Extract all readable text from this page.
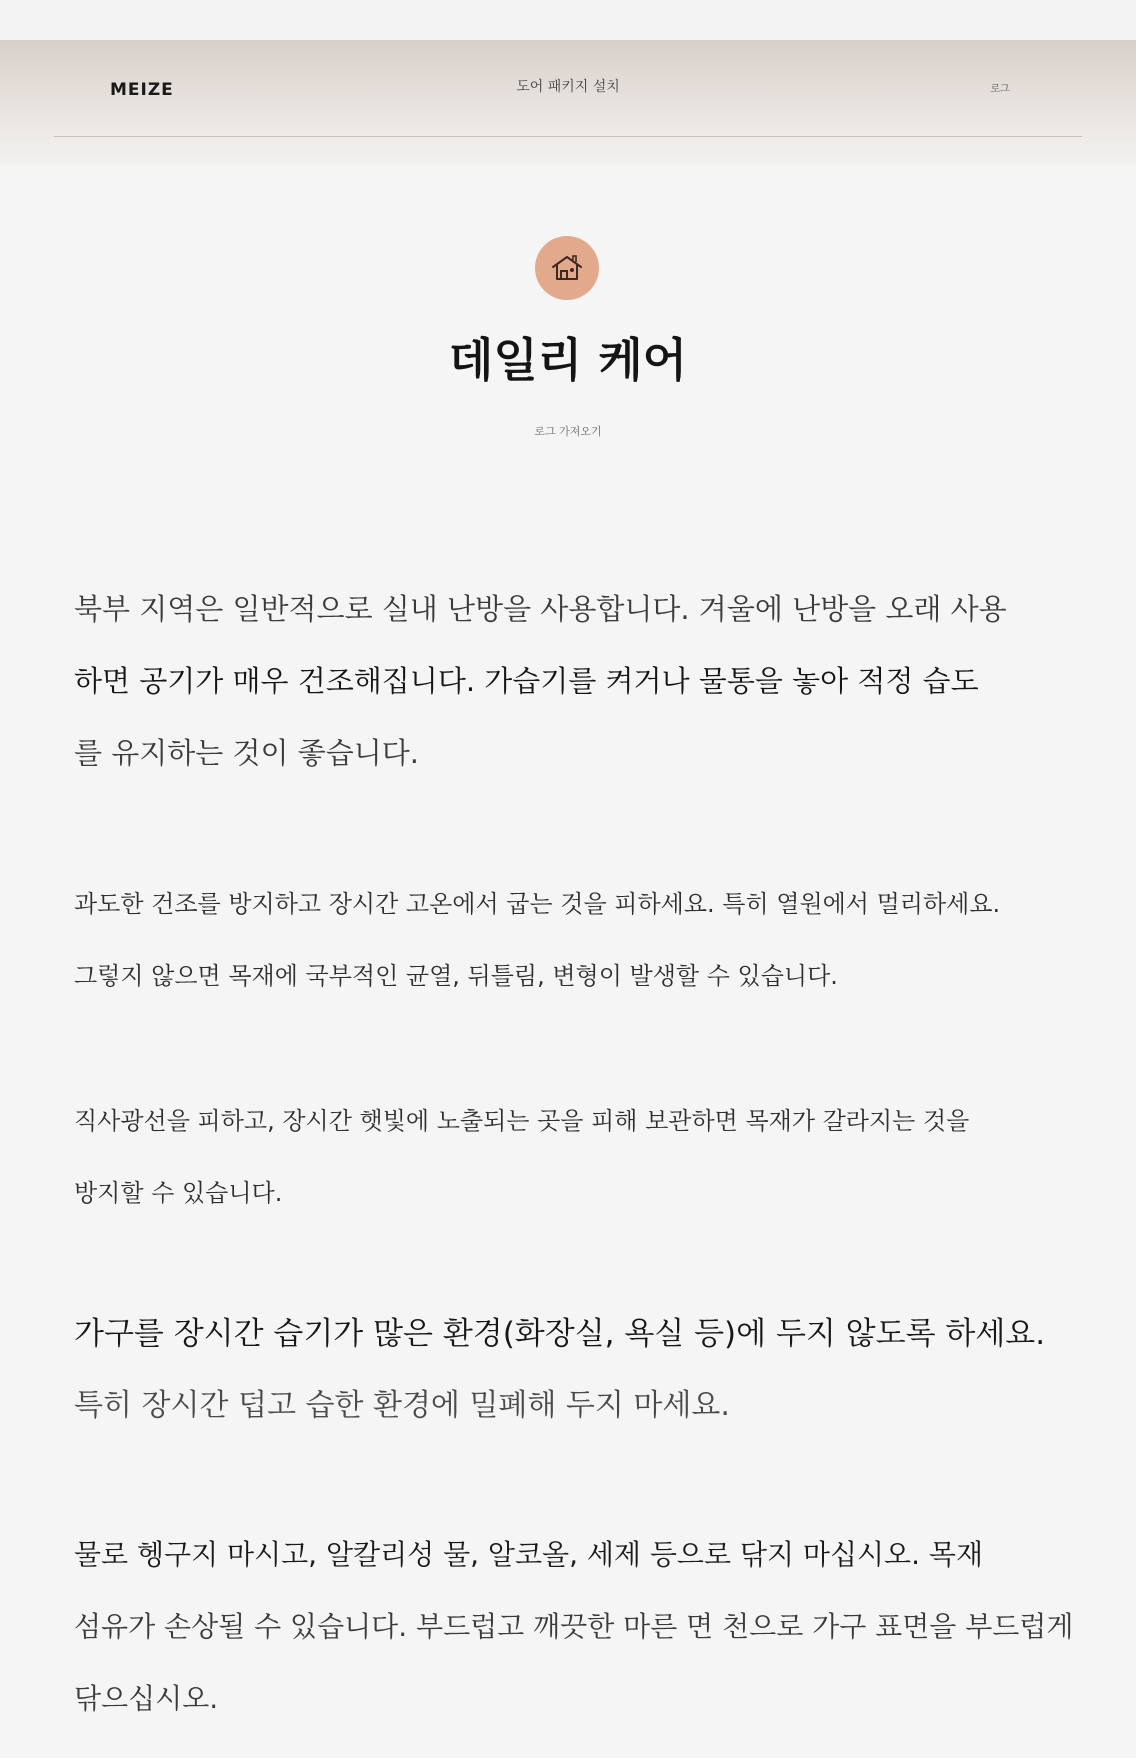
MEIZE	도어 패키지 설치	로그
데일리 케어
로그 가져오기

북부 지역은 일반적으로 실내 난방을 사용합니다. 겨울에 난방을 오래 사용
하면 공기가 매우 건조해집니다. 가습기를 켜거나 물통을 놓아 적정 습도
를 유지하는 것이 좋습니다.

과도한 건조를 방지하고 장시간 고온에서 굽는 것을 피하세요. 특히 열원에서 멀리하세요.
그렇지 않으면 목재에 국부적인 균열, 뒤틀림, 변형이 발생할 수 있습니다.

직사광선을 피하고, 장시간 햇빛에 노출되는 곳을 피해 보관하면 목재가 갈라지는 것을
방지할 수 있습니다.

가구를 장시간 습기가 많은 환경(화장실, 욕실 등)에 두지 않도록 하세요.
특히 장시간 덥고 습한 환경에 밀폐해 두지 마세요.

물로 헹구지 마시고, 알칼리성 물, 알코올, 세제 등으로 닦지 마십시오. 목재
섬유가 손상될 수 있습니다. 부드럽고 깨끗한 마른 면 천으로 가구 표면을 부드럽게
닦으십시오.
